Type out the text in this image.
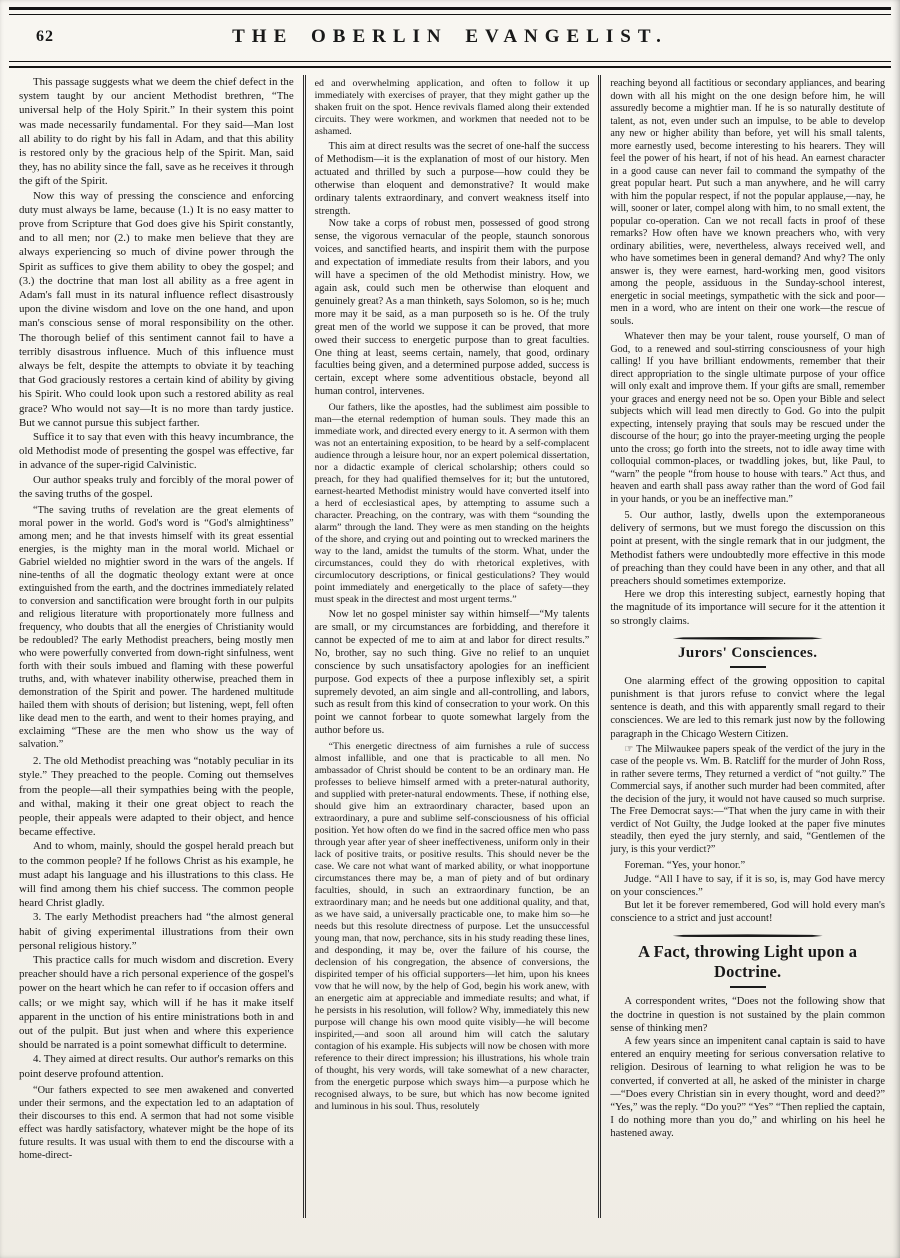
62	THE OBERLIN EVANGELIST.

This passage suggests what we deem the chief defect in the system taught by our ancient Methodist brethren, “The universal help of the Holy Spirit.” In their system this point was made necessarily fundamental. For they said—Man lost all ability to do right by his fall in Adam, and that this ability is restored only by the gracious help of the Spirit. Man, said they, has no ability since the fall, save as he receives it through the gift of the Spirit.

Now this way of pressing the conscience and enforcing duty must always be lame, because (1.) It is no easy matter to prove from Scripture that God does give his Spirit constantly, and to all men; nor (2.) to make men believe that they are always experiencing so much of divine power through the Spirit as suffices to give them ability to obey the gospel; and (3.) the doctrine that man lost all ability as a free agent in Adam's fall must in its natural influence reflect disastrously upon the divine wisdom and love on the one hand, and upon man's conscious sense of moral responsibility on the other. The thorough belief of this sentiment cannot fail to have a terribly disastrous influence. Much of this influence must always be felt, despite the attempts to obviate it by teaching that God graciously restores a certain kind of ability by giving his Spirit. Who could look upon such a restored ability as real grace? Who would not say—It is no more than tardy justice. But we cannot pursue this subject farther.

Suffice it to say that even with this heavy incumbrance, the old Methodist mode of presenting the gospel was effective, far in advance of the super-rigid Calvinistic.

Our author speaks truly and forcibly of the moral power of the saving truths of the gospel.

“The saving truths of revelation are the great elements of moral power in the world. God's word is “God's almightiness” among men; and he that invests himself with its great essential energies, is the mighty man in the moral world. Michael or Gabriel wielded no mightier sword in the wars of the angels. If nine-tenths of all the dogmatic theology extant were at once extinguished from the earth, and the doctrines immediately related to conversion and sanctification were brought forth in our pulpits and religious literature with proportionately more fullness and frequency, who doubts that all the energies of Christianity would be redoubled? The early Methodist preachers, being mostly men who were powerfully converted from down-right sinfulness, went forth with their souls imbued and flaming with these powerful truths, and, with whatever inability otherwise, preached them in demonstration of the Spirit and power. The hardened multitude hailed them with shouts of derision; but listening, wept, fell often like dead men to the earth, and went to their homes praying, and exclaiming “These are the men who show us the way of salvation.”

2. The old Methodist preaching was “notably peculiar in its style.” They preached to the people. Coming out themselves from the people—all their sympathies being with the people, and withal, making it their one great object to reach the people, their appeals were adapted to their object, and hence became effective.

And to whom, mainly, should the gospel herald preach but to the common people? If he follows Christ as his example, he must adapt his language and his illustrations to this class. He will find among them his chief success. The common people heard Christ gladly.

3. The early Methodist preachers had “the almost general habit of giving experimental illustrations from their own personal religious history.”

This practice calls for much wisdom and discretion. Every preacher should have a rich personal experience of the gospel's power on the heart which he can refer to if occasion offers and calls; or we might say, which will if he has it make itself apparent in the unction of his entire ministrations both in and out of the pulpit. But just when and where this experience should be narrated is a point somewhat difficult to determine.

4. They aimed at direct results. Our author's remarks on this point deserve profound attention.

“Our fathers expected to see men awakened and converted under their sermons, and the expectation led to an adaptation of their discourses to this end. A sermon that had not some visible effect was hardly satisfactory, whatever might be the hope of its future results. It was usual with them to end the discourse with a home-direct-

ed and overwhelming application, and often to follow it up immediately with exercises of prayer, that they might gather up the shaken fruit on the spot. Hence revivals flamed along their extended circuits. They were workmen, and workmen that needed not to be ashamed.

This aim at direct results was the secret of one-half the success of Methodism—it is the explanation of most of our history. Men actuated and thrilled by such a purpose—how could they be otherwise than eloquent and demonstrative? It would make ordinary talents extraordinary, and convert weakness itself into strength.

Now take a corps of robust men, possessed of good strong sense, the vigorous vernacular of the people, staunch sonorous voices, and sanctified hearts, and inspirit them with the purpose and expectation of immediate results from their labors, and you will have a specimen of the old Methodist ministry. How, we again ask, could such men be otherwise than eloquent and genuinely great? As a man thinketh, says Solomon, so is he; much more may it be said, as a man purposeth so is he. Of the truly great men of the world we suppose it can be proved, that more owed their success to energetic purpose than to great faculties. One thing at least, seems certain, namely, that good, ordinary faculties being given, and a determined purpose added, success is certain, except where some adventitious obstacle, beyond all human control, intervenes.

Our fathers, like the apostles, had the sublimest aim possible to man—the eternal redemption of human souls. They made this an immediate work, and directed every energy to it. A sermon with them was not an entertaining exposition, to be heard by a self-complacent audience through a leisure hour, nor an expert polemical dissertation, nor a didactic example of clerical scholarship; others could so preach, for they had qualified themselves for it; but the untutored, earnest-hearted Methodist ministry would have converted itself into a herd of ecclesiastical apes, by attempting to assume such a character. Preaching, on the contrary, was with them “sounding the alarm” through the land. They were as men standing on the heights of the shore, and crying out and pointing out to wrecked mariners the way to the land, amidst the tumults of the storm. What, under the circumstances, could they do with rhetorical expletives, with circumlocutory descriptions, or finical gesticulations? They would point immediately and energetically to the place of safety—they must speak in the directest and most urgent terms.”

Now let no gospel minister say within himself—“My talents are small, or my circumstances are forbidding, and therefore it cannot be expected of me to aim at and labor for direct results.” No, brother, say no such thing. Give no relief to an unquiet conscience by such unsatisfactory apologies for an inefficient purpose. God expects of thee a purpose inflexibly set, a spirit supremely devoted, an aim single and all-controlling, and labors, such as result from this kind of consecration to your work. On this point we cannot forbear to quote somewhat largely from the author before us.

“This energetic directness of aim furnishes a rule of success almost infallible, and one that is practicable to all men. No ambassador of Christ should be content to be an ordinary man. He professes to believe himself armed with a preter-natural authority, and supplied with preter-natural endowments. These, if nothing else, should give him an extraordinary character, based upon an extraordinary, a pure and sublime self-consciousness of his official position. Yet how often do we find in the sacred office men who pass through year after year of sheer ineffectiveness, uniform only in their lack of positive traits, or positive results. This should never be the case. We care not what want of marked ability, or what inopportune circumstances there may be, a man of piety and of but ordinary faculties, should, in such an extraordinary function, be an extraordinary man; and he needs but one additional quality, and that, as we have said, a universally practicable one, to make him so—he needs but this resolute directness of purpose. Let the unsuccessful young man, that now, perchance, sits in his study reading these lines, and desponding, it may be, over the failure of his course, the declension of his congregation, the absence of conversions, the dispirited temper of his official supporters—let him, upon his knees vow that he will now, by the help of God, begin his work anew, with an energetic aim at appreciable and immediate results; and what, if he persists in his resolution, will follow? Why, immediately this new purpose will change his own mood quite visibly—he will become inspirited,—and soon all around him will catch the salutary contagion of his example. His subjects will now be chosen with more reference to their direct impression; his illustrations, his whole train of thought, his very words, will take somewhat of a new character, from the energetic purpose which sways him—a purpose which he recognised always, to be sure, but which has now become ignited and luminous in his soul. Thus, resolutely

reaching beyond all factitious or secondary appliances, and bearing down with all his might on the one design before him, he will assuredly become a mightier man. If he is so naturally destitute of talent, as not, even under such an impulse, to be able to develop any new or higher ability than before, yet will his small talents, more earnestly used, become interesting to his hearers. They will feel the power of his heart, if not of his head. An earnest character in a good cause can never fail to command the sympathy of the great popular heart. Put such a man anywhere, and he will carry with him the popular respect, if not the popular applause,—nay, he will, sooner or later, compel along with him, to no small extent, the popular co-operation. Can we not recall facts in proof of these remarks? How often have we known preachers who, with very ordinary abilities, were, nevertheless, always received well, and who have sometimes been in general demand? And why? The only answer is, they were earnest, hard-working men, good visitors among the people, assiduous in the Sunday-school interest, energetic in social meetings, sympathetic with the sick and poor—men in a word, who are intent on their one work—the rescue of souls.

Whatever then may be your talent, rouse yourself, O man of God, to a renewed and soul-stirring consciousness of your high calling! If you have brilliant endowments, remember that their direct appropriation to the single ultimate purpose of your office will only exalt and improve them. If your gifts are small, remember your graces and energy need not be so. Open your Bible and select subjects which will lead men directly to God. Go into the pulpit expecting, intensely praying that souls may be rescued under the discourse of the hour; go into the prayer-meeting urging the people unto the cross; go forth into the streets, not to idle away time with colloquial common-places, or twaddling jokes, but, like Paul, to “warn” the people “from house to house with tears.” Act thus, and heaven and earth shall pass away rather than the word of God fail in your hands, or you be an ineffective man.”

5. Our author, lastly, dwells upon the extemporaneous delivery of sermons, but we must forego the discussion on this point at present, with the single remark that in our judgment, the Methodist fathers were undoubtedly more effective in this mode of preaching than they could have been in any other, and that all preachers should sometimes extemporize.

Here we drop this interesting subject, earnestly hoping that the magnitude of its importance will secure for it the attention it so strongly claims.

Jurors' Consciences.

One alarming effect of the growing opposition to capital punishment is that jurors refuse to convict where the legal sentence is death, and this with apparently small regard to their consciences. We are led to this remark just now by the following paragraph in the Chicago Western Citizen.

☞ The Milwaukee papers speak of the verdict of the jury in the case of the people vs. Wm. B. Ratcliff for the murder of John Ross, in rather severe terms, They returned a verdict of “not guilty.” The Commercial says, if another such murder had been commited, after the decision of the jury, it would not have caused so much surprise. The Free Democrat says:—“That when the jury came in with their verdict of Not Guilty, the Judge looked at the paper five minutes steadily, then eyed the jury sternly, and said, “Gentlemen of the jury, is this your verdict?”

Foreman. “Yes, your honor.”

Judge. “All I have to say, if it is so, is, may God have mercy on your consciences.”

But let it be forever remembered, God will hold every man's conscience to a strict and just account!

A Fact, throwing Light upon a Doctrine.

A correspondent writes, “Does not the following show that the doctrine in question is not sustained by the plain common sense of thinking men?

A few years since an impenitent canal captain is said to have entered an enquiry meeting for serious conversation relative to religion. Desirous of learning to what religion he was to be converted, if converted at all, he asked of the minister in charge—“Does every Christian sin in every thought, word and deed?” “Yes,” was the reply. “Do you?” “Yes” “Then replied the captain, I do nothing more than you do,” and whirling on his heel he hastened away.
